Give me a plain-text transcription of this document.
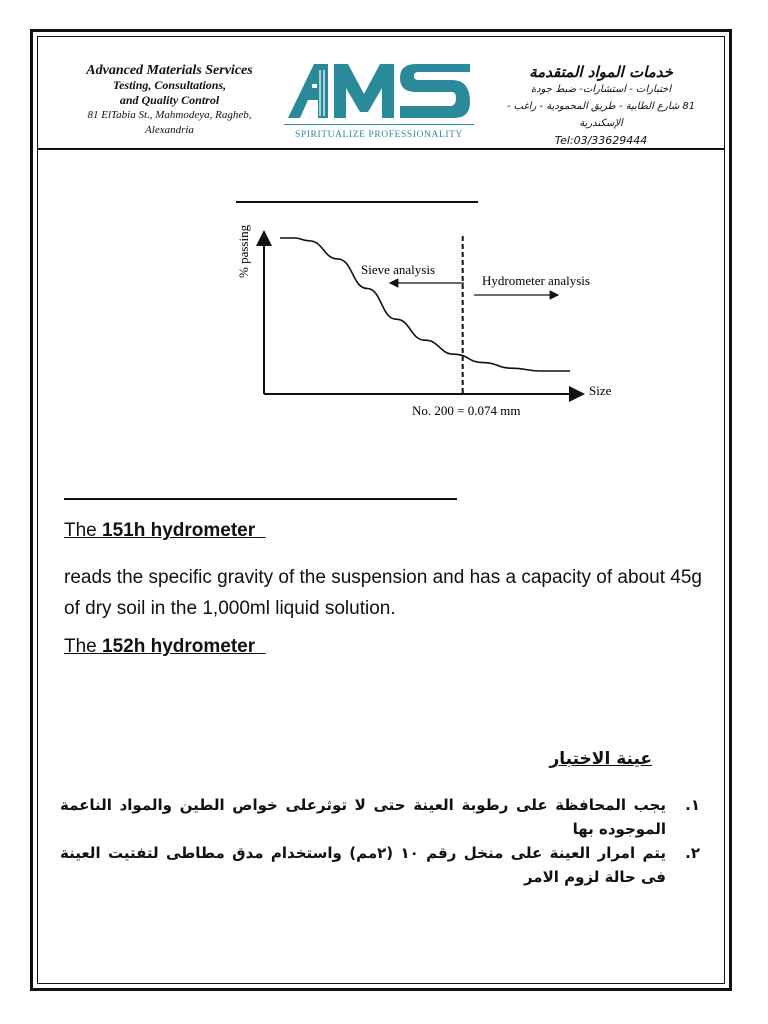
Advanced Materials Services
Testing, Consultations,
and Quality Control
81 ElTabia St., Mahmodeya, Ragheb,
Alexandria	SPIRITUALIZE PROFESSIONALITY
خدمات المواد المتقدمة
اختبارات - استشارات- ضبط جودة
81 شارع الطابية - طريق المحمودية - راغب - الإسكندرية
Tel:03/33629444
% passing
Size
Sieve analysis
Hydrometer analysis
No. 200 = 0.074 mm
The 151h hydrometer
reads the specific gravity of the suspension and has a capacity of about 45g of dry soil in the 1,000ml liquid solution.
The 152h hydrometer
عينة الاختبار
١.
يجب المحافظة على رطوبة العينة حتى لا توثرعلى خواص الطين والمواد الناعمة الموجوده بها
٢.
يتم امرار العينة على منخل رقم ١٠ (٢مم) واستخدام مدق مطاطى لتفتيت العينة فى حالة لزوم الامر
